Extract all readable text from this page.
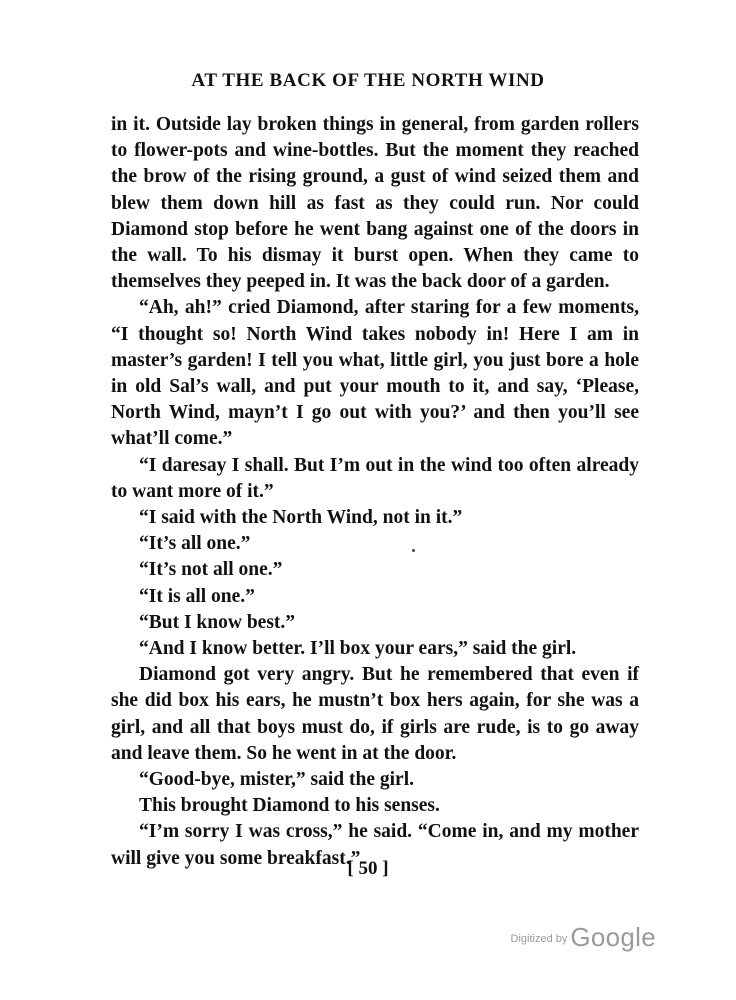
AT THE BACK OF THE NORTH WIND

in it. Outside lay broken things in general, from garden rollers to flower-pots and wine-bottles. But the moment they reached the brow of the rising ground, a gust of wind seized them and blew them down hill as fast as they could run. Nor could Diamond stop before he went bang against one of the doors in the wall. To his dismay it burst open. When they came to themselves they peeped in. It was the back door of a garden.

“Ah, ah!” cried Diamond, after staring for a few moments, “I thought so! North Wind takes nobody in! Here I am in master’s garden! I tell you what, little girl, you just bore a hole in old Sal’s wall, and put your mouth to it, and say, ‘Please, North Wind, mayn’t I go out with you?’ and then you’ll see what’ll come.”

“I daresay I shall. But I’m out in the wind too often already to want more of it.”

“I said with the North Wind, not in it.”

“It’s all one.”

“It’s not all one.”

“It is all one.”

“But I know best.”

“And I know better. I’ll box your ears,” said the girl.

Diamond got very angry. But he remembered that even if she did box his ears, he mustn’t box hers again, for she was a girl, and all that boys must do, if girls are rude, is to go away and leave them. So he went in at the door.

“Good-bye, mister,” said the girl.

This brought Diamond to his senses.

“I’m sorry I was cross,” he said. “Come in, and my mother will give you some breakfast.”

[ 50 ]
$^{Digitized by}$ Google
